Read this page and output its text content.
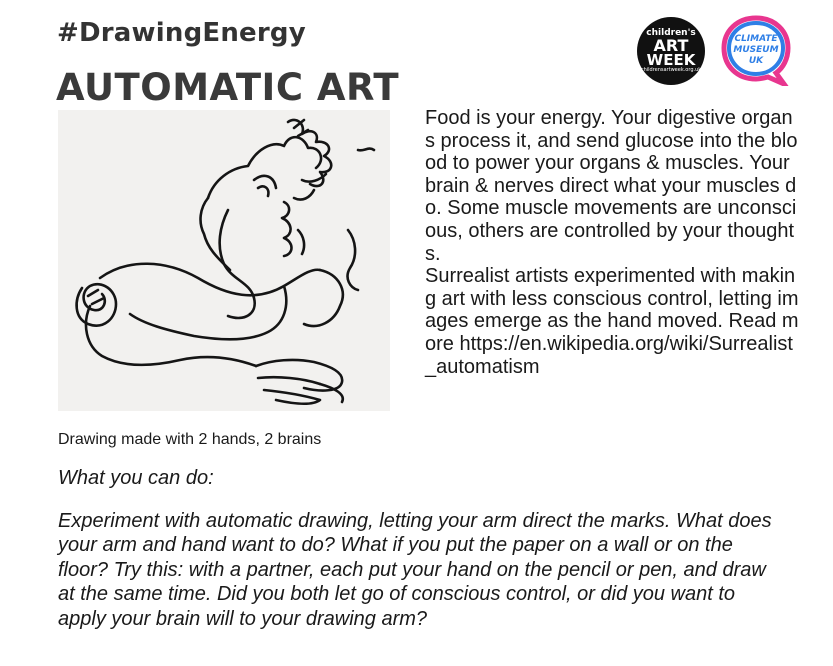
#DrawingEnergy
AUTOMATIC ART
children's
ART
WEEK
childrensartweek.org.uk
CLIMATE
MUSEUM
UK
Drawing made with 2 hands, 2 brains

Food is your energy. Your digestive organs process it, and send glucose into the blood to power your organs & muscles. Your brain & nerves direct what your muscles do. Some muscle movements are unconscious, others are controlled by your thoughts.
Surrealist artists experimented with making art with less conscious control, letting images emerge as the hand moved. Read more https://en.wikipedia.org/wiki/Surrealist_automatism

What you can do:

Experiment with automatic drawing, letting your arm direct the marks. What does your arm and hand want to do? What if you put the paper on a wall or on the floor? Try this: with a partner, each put your hand on the pencil or pen, and draw at the same time. Did you both let go of conscious control, or did you want to apply your brain will to your drawing arm?
